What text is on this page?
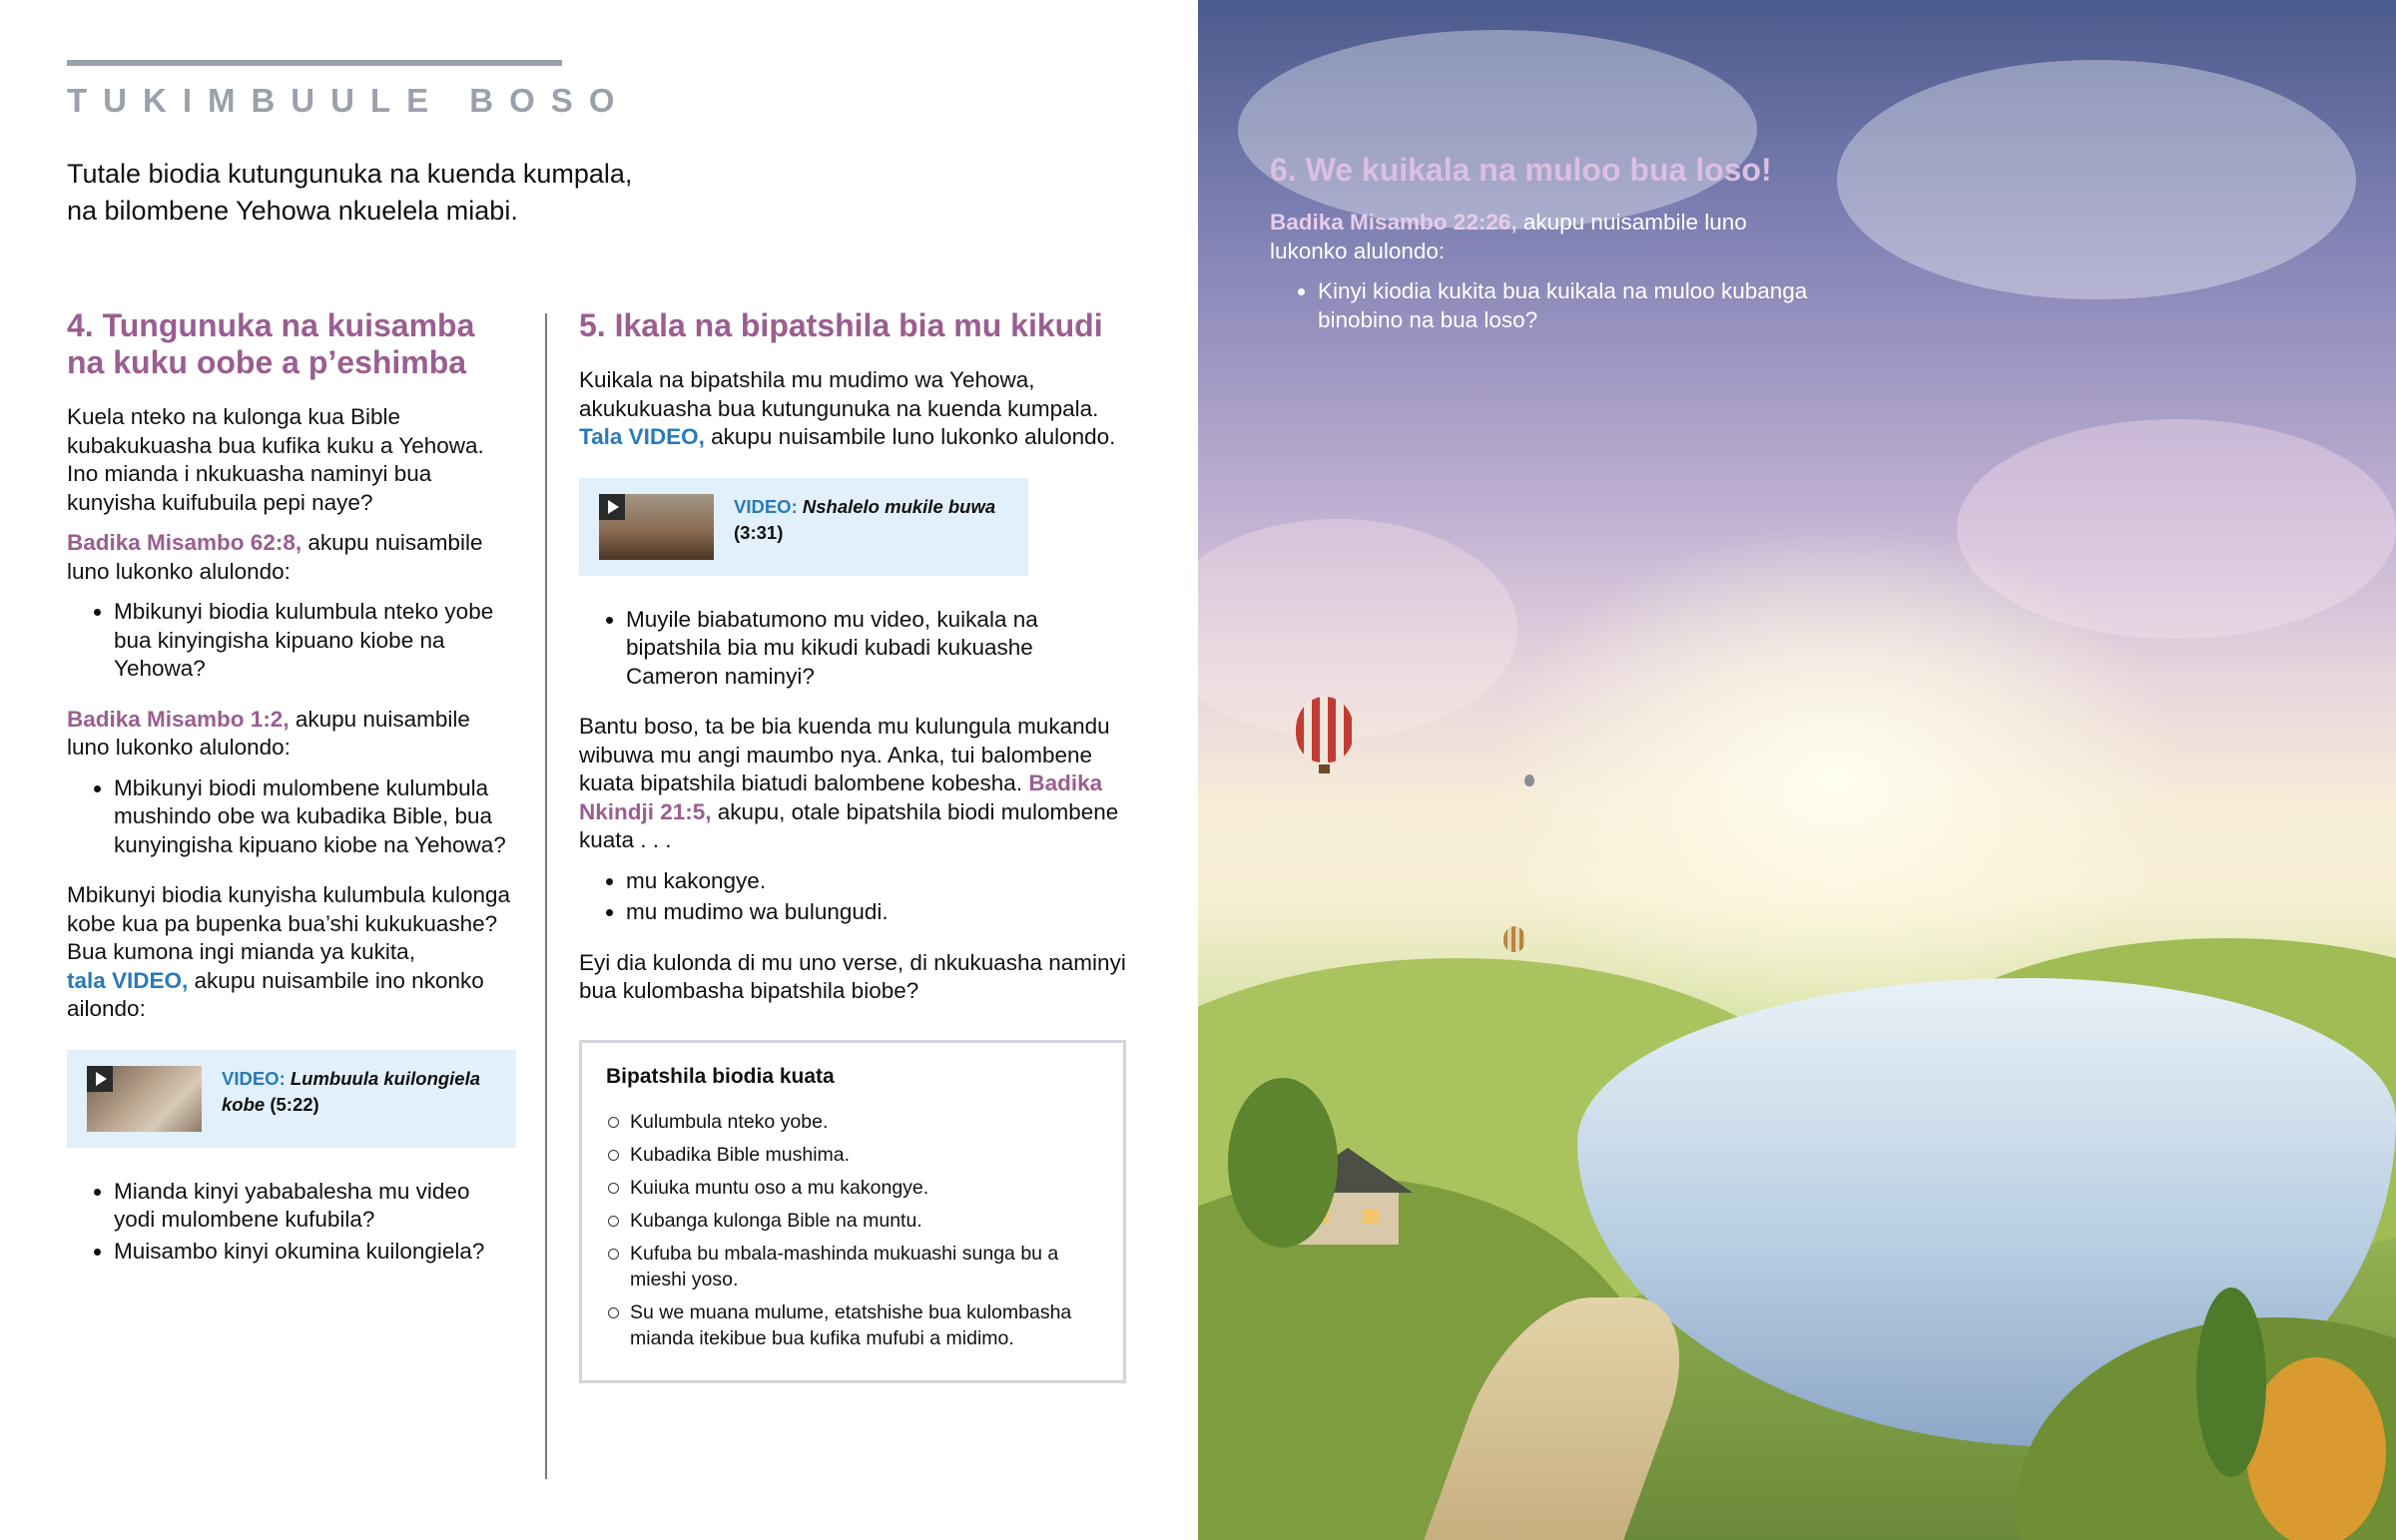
TUKIMBUULE BOSO
Tutale biodia kutungunuka na kuenda kumpala,
na bilombene Yehowa nkuelela miabi.
4. Tungunuka na kuisamba na kuku oobe a p’eshimba

Kuela nteko na kulonga kua Bible kubakukuasha bua kufika kuku a Yehowa. Ino mianda i nkukuasha naminyi bua kunyisha kuifubuila pepi naye?

Badika Misambo 62:8, akupu nuisambile luno lukonko alulondo:

• Mbikunyi biodia kulumbula nteko yobe bua kinyingisha kipuano kiobe na Yehowa?

Badika Misambo 1:2, akupu nuisambile luno lukonko alulondo:

• Mbikunyi biodi mulombene kulumbula mushindo obe wa kubadika Bible, bua kunyingisha kipuano kiobe na Yehowa?

Mbikunyi biodia kunyisha kulumbula kulonga kobe kua pa bupenka bua’shi kukukuashe? Bua kumona ingi mianda ya kukita,
tala VIDEO, akupu nuisambile ino nkonko ailondo:

VIDEO: Lumbuula kuilongiela kobe (5:22)
• Mianda kinyi yababalesha mu video yodi mulombene kufubila?
• Muisambo kinyi okumina kuilongiela?
5. Ikala na bipatshila bia mu kikudi

Kuikala na bipatshila mu mudimo wa Yehowa, akukukuasha bua kutungunuka na kuenda kumpala. Tala VIDEO, akupu nuisambile luno lukonko alulondo.

VIDEO: Nshalelo mukile buwa
(3:31)
• Muyile biabatumono mu video, kuikala na bipatshila bia mu kikudi kubadi kukuashe Cameron naminyi?

Bantu boso, ta be bia kuenda mu kulungula mukandu wibuwa mu angi maumbo nya. Anka, tui balombene kuata bipatshila biatudi balombene kobesha. Badika Nkindji 21:5, akupu, otale bipatshila biodi mulombene kuata . . .

• mu kakongye.
• mu mudimo wa bulungudi.

Eyi dia kulonda di mu uno verse, di nkukuasha naminyi bua kulombasha bipatshila biobe?

Bipatshila biodia kuata
Kulumbula nteko yobe.
Kubadika Bible mushima.
Kuiuka muntu oso a mu kakongye.
Kubanga kulonga Bible na muntu.
Kufuba bu mbala-mashinda mukuashi sunga bu a mieshi yoso.
Su we muana mulume, etatshishe bua kulombasha mianda itekibue bua kufika mufubi a midimo.
6. We kuikala na muloo bua loso!

Badika Misambo 22:26, akupu nuisambile luno lukonko alulondo:

• Kinyi kiodia kukita bua kuikala na muloo kubanga binobino na bua loso?
